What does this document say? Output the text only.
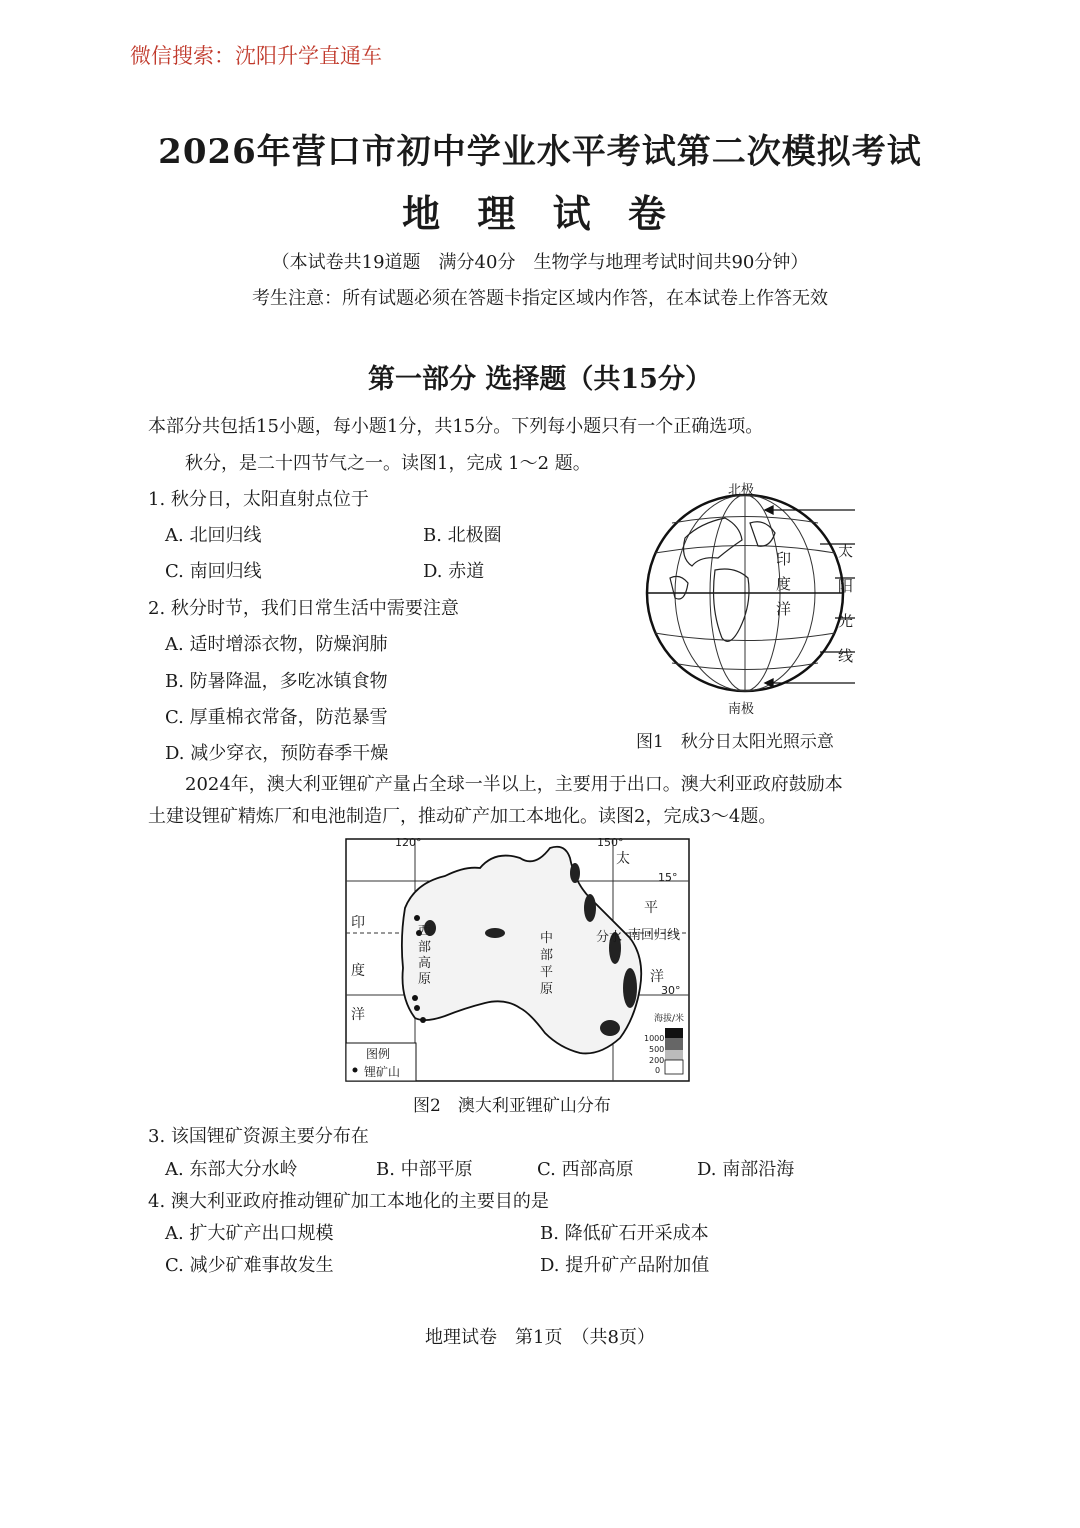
微信搜索：沈阳升学直通车
2026年营口市初中学业水平考试第二次模拟考试
地 理 试 卷
（本试卷共19道题　满分40分　生物学与地理考试时间共90分钟）
考生注意：所有试题必须在答题卡指定区域内作答，在本试卷上作答无效
第一部分 选择题（共15分）
本部分共包括15小题，每小题1分，共15分。下列每小题只有一个正确选项。
秋分，是二十四节气之一。读图1，完成 1～2 题。
1. 秋分日，太阳直射点位于
A. 北回归线	B. 北极圈
C. 南回归线	D. 赤道
2. 秋分时节，我们日常生活中需要注意
A. 适时增添衣物，防燥润肺
B. 防暑降温，多吃冰镇食物
C. 厚重棉衣常备，防范暴雪
D. 减少穿衣，预防春季干燥
北极
南极
太
阳
光
线
印
度
洋
图1　秋分日太阳光照示意
2024年，澳大利亚锂矿产量占全球一半以上，主要用于出口。澳大利亚政府鼓励本
土建设锂矿精炼厂和电池制造厂，推动矿产加工本地化。读图2，完成3～4题。
120°	150°
15°
30°
印
度
洋
太
平
洋
南回归线
西部高原
中部平原
分水
图例
锂矿山
海拔/米
1000
500
200
0
图2　澳大利亚锂矿山分布
3. 该国锂矿资源主要分布在
A. 东部大分水岭	B. 中部平原	C. 西部高原	D. 南部沿海
4. 澳大利亚政府推动锂矿加工本地化的主要目的是
A. 扩大矿产出口规模	B. 降低矿石开采成本
C. 减少矿难事故发生	D. 提升矿产品附加值
地理试卷　第1页　（共8页）
